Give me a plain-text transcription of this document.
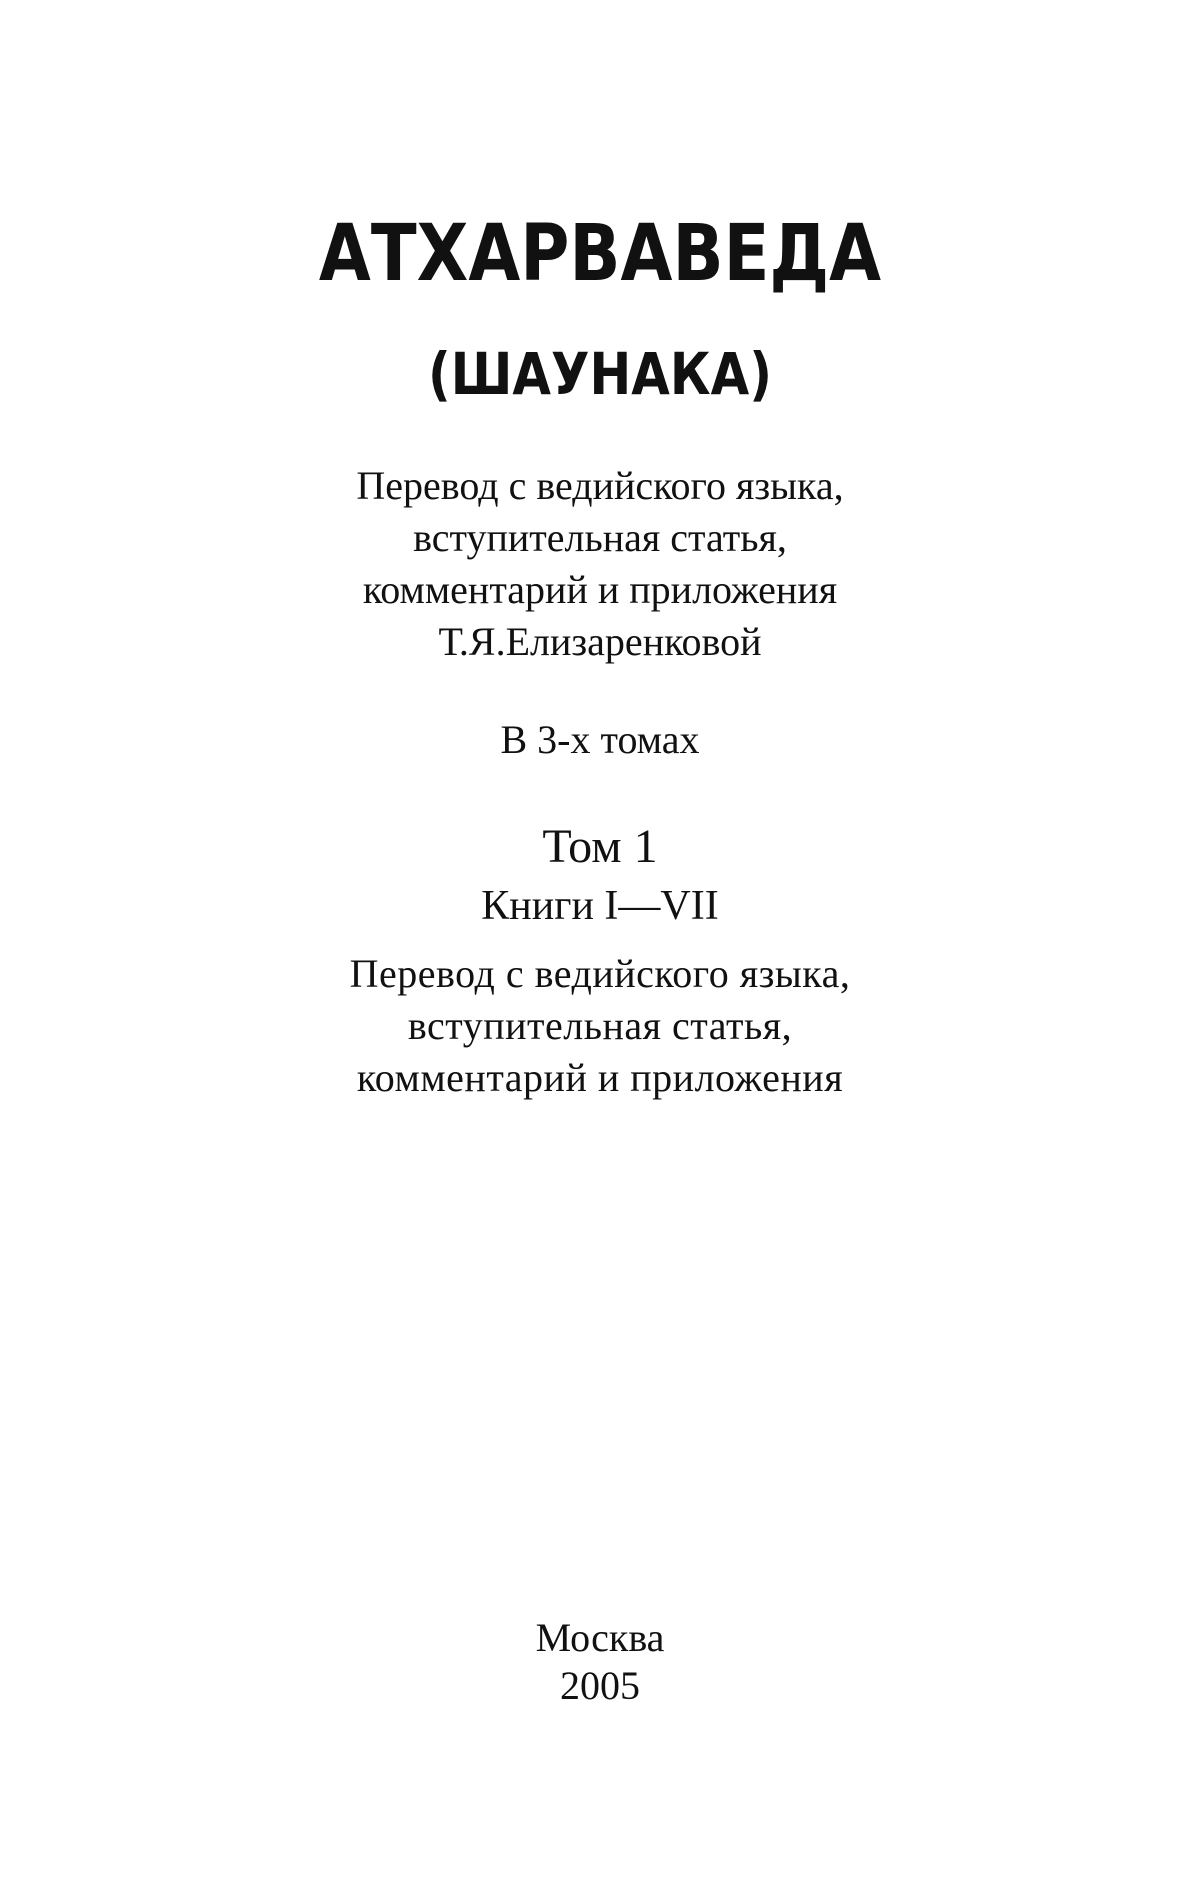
АТХАРВАВЕДА
(ШАУНАКА)
Перевод с ведийского языка,
вступительная статья,
комментарий и приложения
Т.Я.Елизаренковой
В 3-х томах
Том 1
Книги I—VII
Перевод с ведийского языка,
вступительная статья,
комментарий и приложения
Москва
2005
